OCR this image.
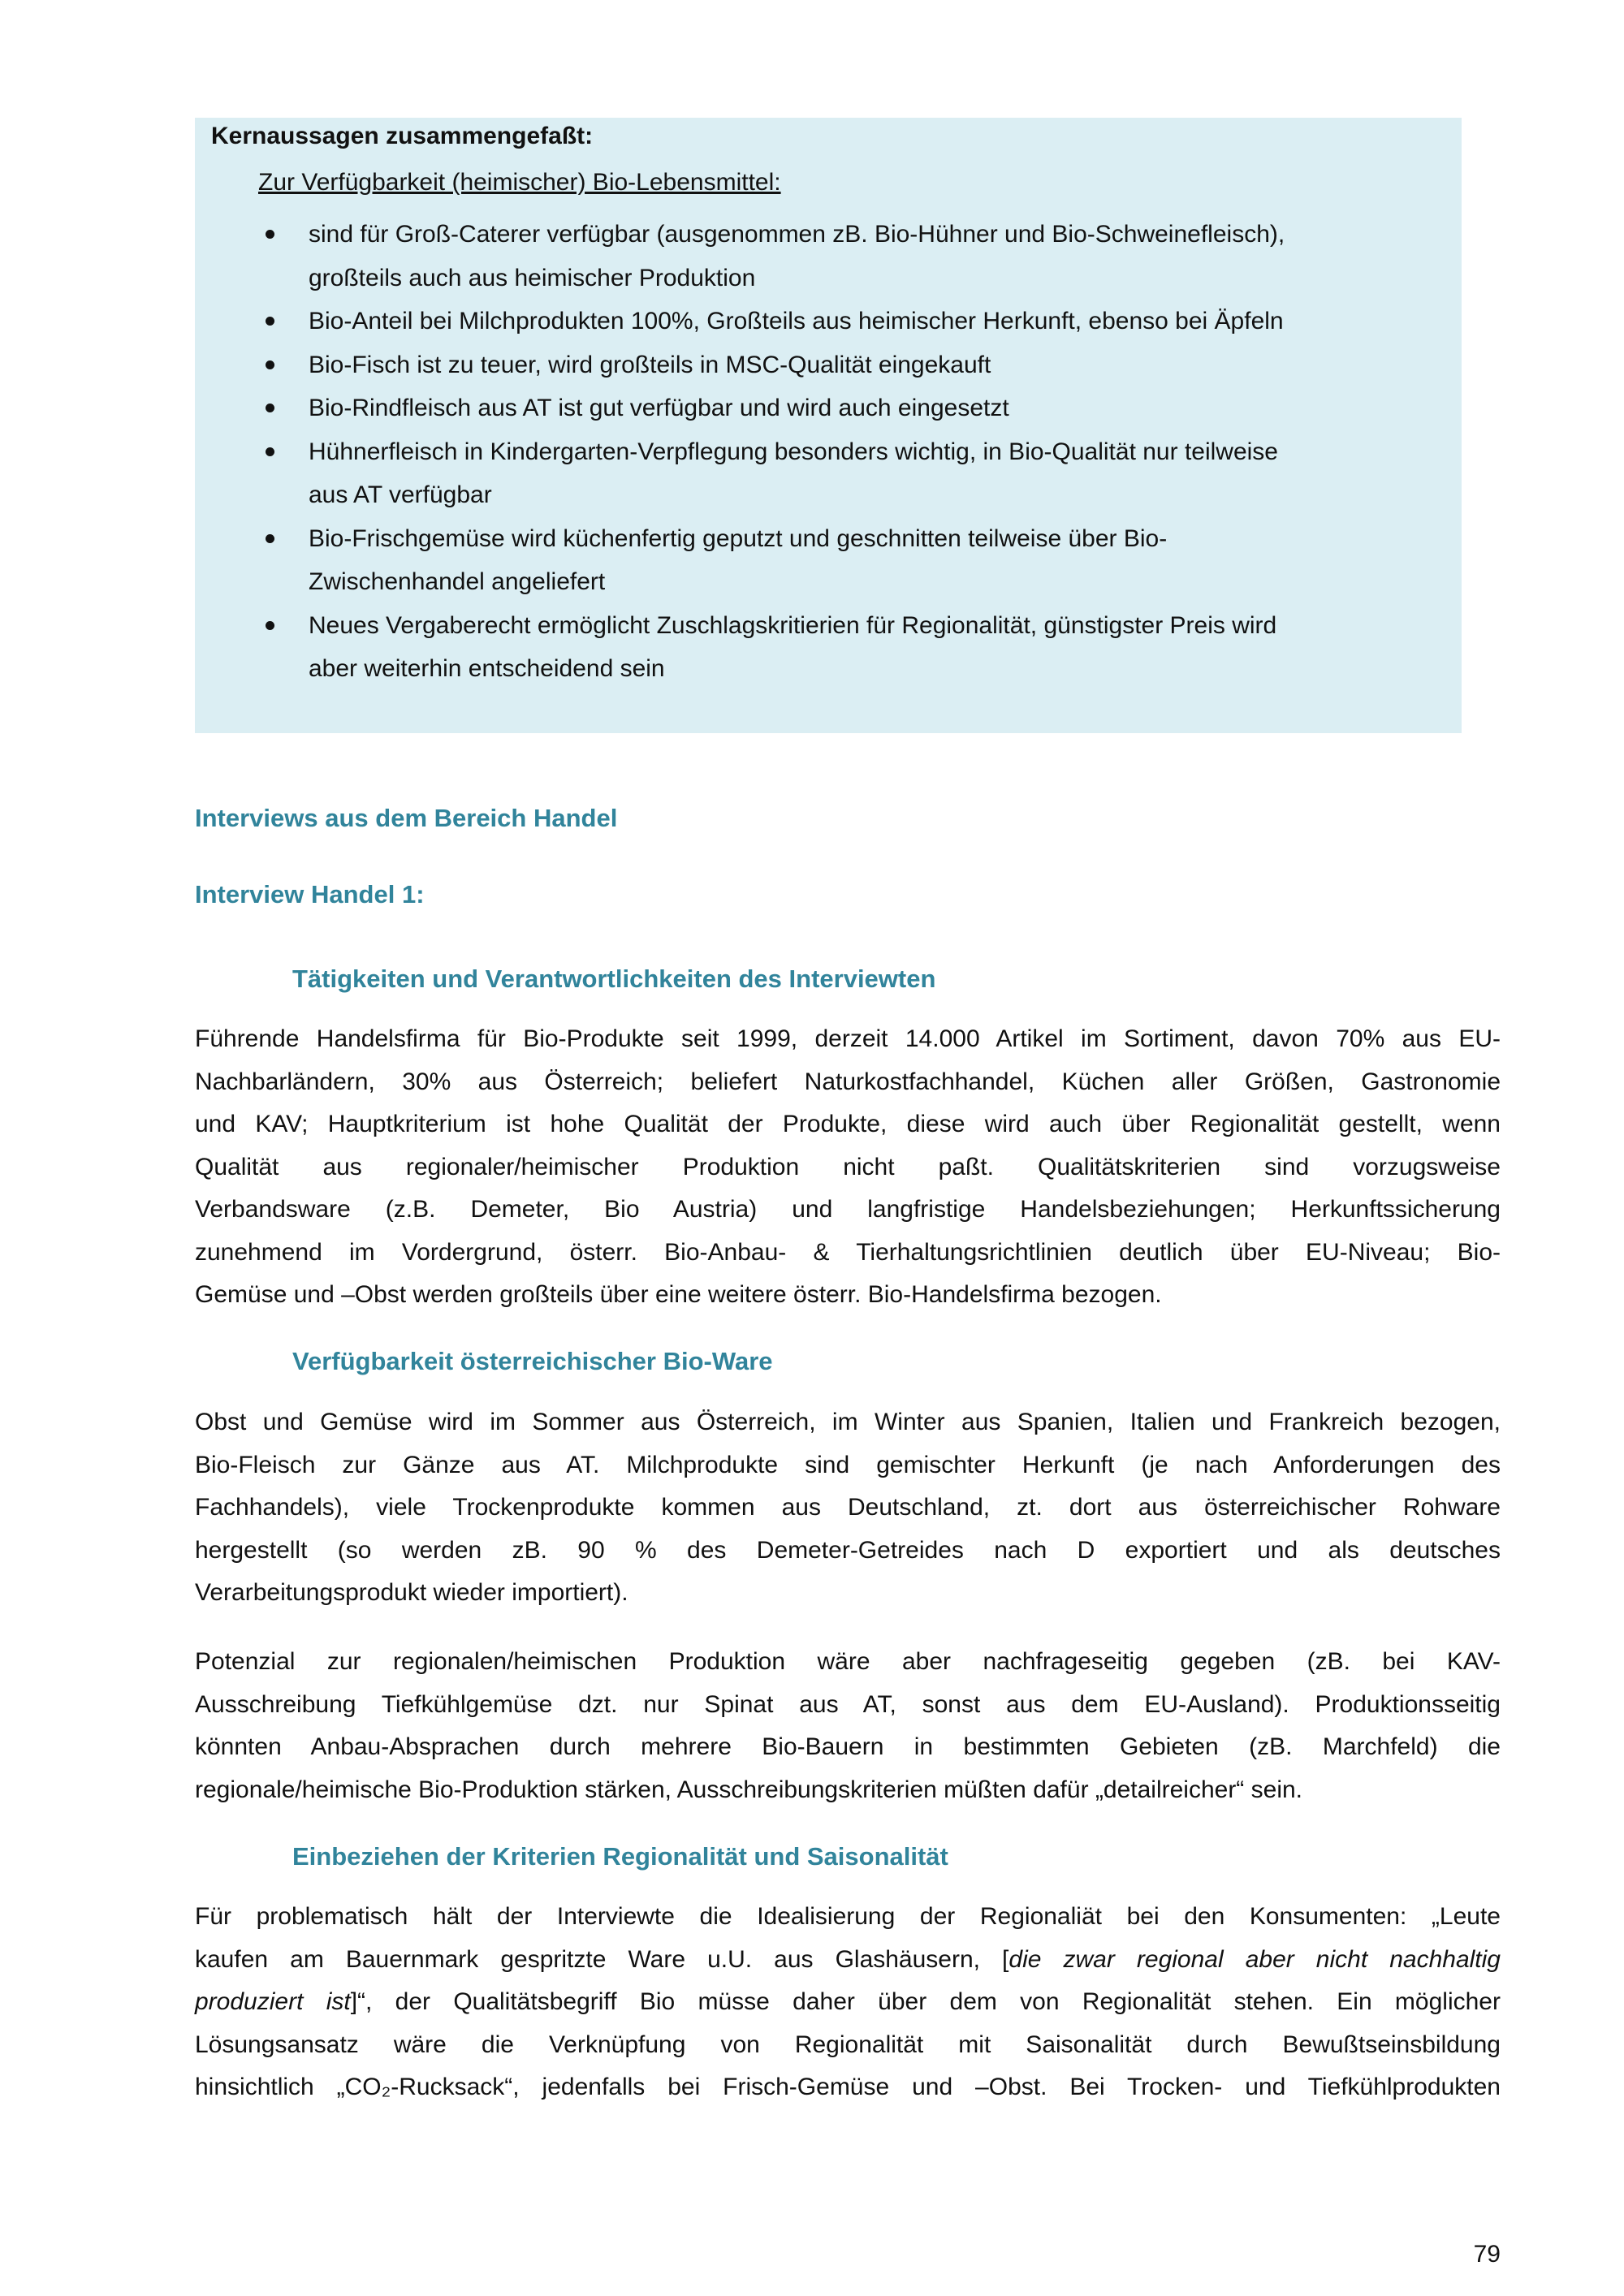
Kernaussagen zusammengefaßt:
Zur Verfügbarkeit (heimischer) Bio-Lebensmittel:
sind für Groß-Caterer verfügbar (ausgenommen zB. Bio-Hühner und Bio-Schweinefleisch),
großteils auch aus heimischer Produktion
Bio-Anteil bei Milchprodukten 100%, Großteils aus heimischer Herkunft, ebenso bei Äpfeln
Bio-Fisch ist zu teuer, wird großteils in MSC-Qualität eingekauft
Bio-Rindfleisch aus AT ist gut verfügbar und wird auch eingesetzt
Hühnerfleisch in Kindergarten-Verpflegung besonders wichtig, in Bio-Qualität nur teilweise
aus AT verfügbar
Bio-Frischgemüse wird küchenfertig geputzt und geschnitten teilweise über Bio-
Zwischenhandel angeliefert
Neues Vergaberecht ermöglicht Zuschlagskritierien für Regionalität, günstigster Preis wird
aber weiterhin entscheidend sein
Interviews aus dem Bereich Handel
Interview Handel 1:
Tätigkeiten und Verantwortlichkeiten des Interviewten
Führende Handelsfirma für Bio-Produkte seit 1999, derzeit 14.000 Artikel im Sortiment, davon 70% aus EU-
Nachbarländern, 30% aus Österreich; beliefert Naturkostfachhandel, Küchen aller Größen, Gastronomie
und KAV; Hauptkriterium ist hohe Qualität der Produkte, diese wird auch über Regionalität gestellt, wenn
Qualität aus regionaler/heimischer Produktion nicht paßt. Qualitätskriterien sind vorzugsweise
Verbandsware (z.B. Demeter, Bio Austria) und langfristige Handelsbeziehungen; Herkunftssicherung
zunehmend im Vordergrund, österr. Bio-Anbau- & Tierhaltungsrichtlinien deutlich über EU-Niveau; Bio-
Gemüse und –Obst werden großteils über eine weitere österr. Bio-Handelsfirma bezogen.
Verfügbarkeit österreichischer Bio-Ware
Obst und Gemüse wird im Sommer aus Österreich, im Winter aus Spanien, Italien und Frankreich bezogen,
Bio-Fleisch zur Gänze aus AT. Milchprodukte sind gemischter Herkunft (je nach Anforderungen des
Fachhandels), viele Trockenprodukte kommen aus Deutschland, zt. dort aus österreichischer Rohware
hergestellt (so werden zB. 90 % des Demeter-Getreides nach D exportiert und als deutsches
Verarbeitungsprodukt wieder importiert).
Potenzial zur regionalen/heimischen Produktion wäre aber nachfrageseitig gegeben (zB. bei KAV-
Ausschreibung Tiefkühlgemüse dzt. nur Spinat aus AT, sonst aus dem EU-Ausland). Produktionsseitig
könnten Anbau-Absprachen durch mehrere Bio-Bauern in bestimmten Gebieten (zB. Marchfeld) die
regionale/heimische Bio-Produktion stärken, Ausschreibungskriterien müßten dafür „detailreicher“ sein.
Einbeziehen der Kriterien Regionalität und Saisonalität
Für problematisch hält der Interviewte die Idealisierung der Regionaliät bei den Konsumenten: „Leute
kaufen am Bauernmark gespritzte Ware u.U. aus Glashäusern, [die zwar regional aber nicht nachhaltig
produziert ist]“, der Qualitätsbegriff Bio müsse daher über dem von Regionalität stehen. Ein möglicher
Lösungsansatz wäre die Verknüpfung von Regionalität mit Saisonalität durch Bewußtseinsbildung
hinsichtlich „CO₂-Rucksack“, jedenfalls bei Frisch-Gemüse und –Obst. Bei Trocken- und Tiefkühlprodukten
79
